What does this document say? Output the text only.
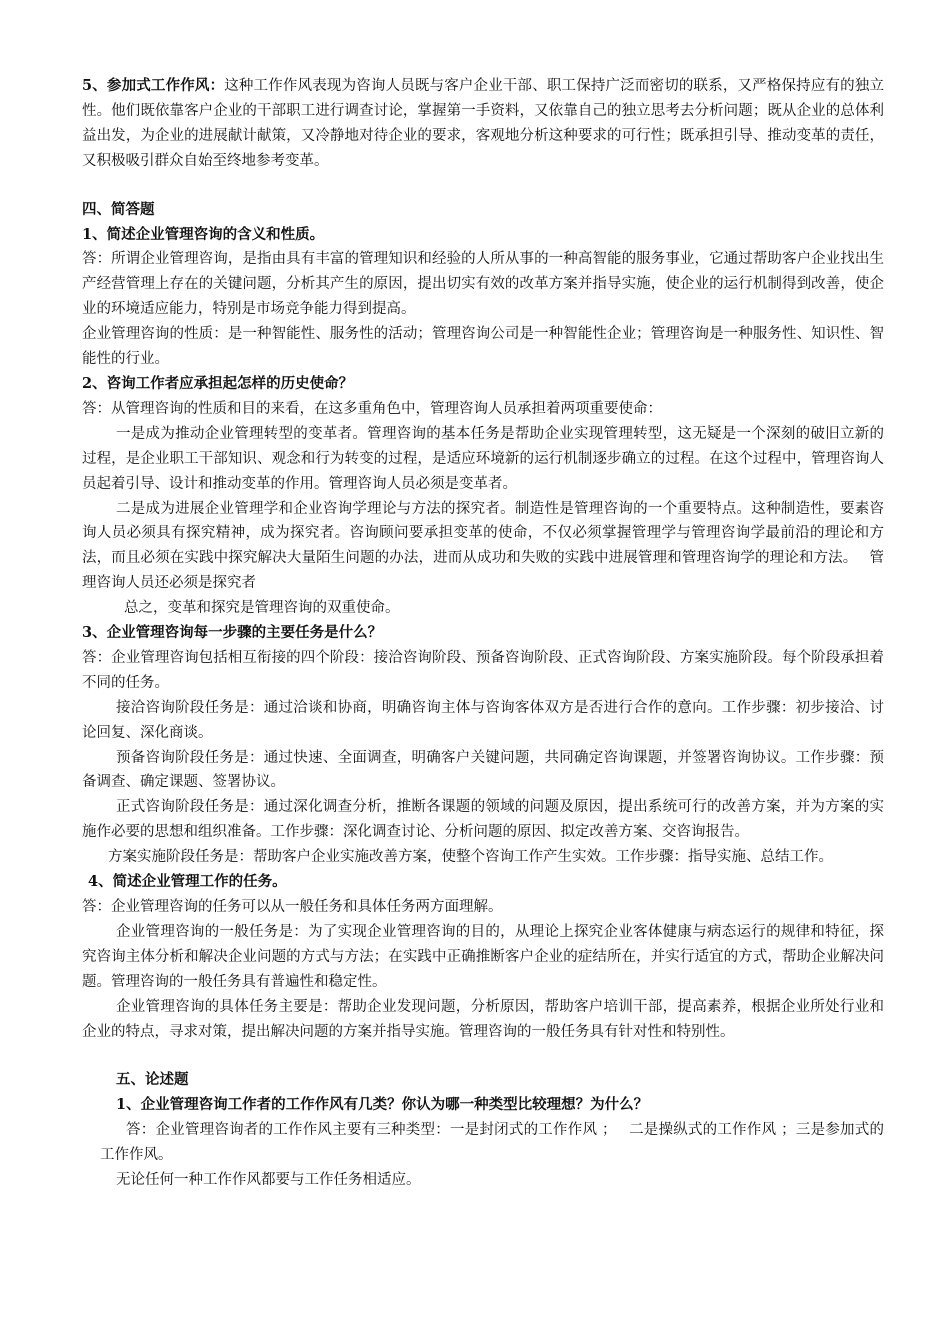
5、参加式工作作风：这种工作作风表现为咨询人员既与客户企业干部、职工保持广泛而密切的联系，又严格保持应有的独立性。他们既依靠客户企业的干部职工进行调查讨论，掌握第一手资料，又依靠自己的独立思考去分析问题；既从企业的总体利益出发，为企业的进展献计献策，又冷静地对待企业的要求，客观地分析这种要求的可行性；既承担引导、推动变革的责任，又积极吸引群众自始至终地参考变革。

四、简答题

1、简述企业管理咨询的含义和性质。

答：所谓企业管理咨询，是指由具有丰富的管理知识和经验的人所从事的一种高智能的服务事业，它通过帮助客户企业找出生产经营管理上存在的关键问题，分析其产生的原因，提出切实有效的改革方案并指导实施，使企业的运行机制得到改善，使企业的环境适应能力，特别是市场竞争能力得到提高。

企业管理咨询的性质：是一种智能性、服务性的活动；管理咨询公司是一种智能性企业；管理咨询是一种服务性、知识性、智能性的行业。

2、咨询工作者应承担起怎样的历史使命？

答：从管理咨询的性质和目的来看，在这多重角色中，管理咨询人员承担着两项重要使命：

一是成为推动企业管理转型的变革者。管理咨询的基本任务是帮助企业实现管理转型，这无疑是一个深刻的破旧立新的过程，是企业职工干部知识、观念和行为转变的过程，是适应环境新的运行机制逐步确立的过程。在这个过程中，管理咨询人员起着引导、设计和推动变革的作用。管理咨询人员必须是变革者。

二是成为进展企业管理学和企业咨询学理论与方法的探究者。制造性是管理咨询的一个重要特点。这种制造性，要素咨询人员必须具有探究精神，成为探究者。咨询顾问要承担变革的使命，不仅必须掌握管理学与管理咨询学最前沿的理论和方法，而且必须在实践中探究解决大量陌生问题的办法，进而从成功和失败的实践中进展管理和管理咨询学的理论和方法。　 管理咨询人员还必须是探究者

总之，变革和探究是管理咨询的双重使命。

3、企业管理咨询每一步骤的主要任务是什么？

答：企业管理咨询包括相互衔接的四个阶段：接洽咨询阶段、预备咨询阶段、正式咨询阶段、方案实施阶段。每个阶段承担着不同的任务。

接洽咨询阶段任务是：通过洽谈和协商，明确咨询主体与咨询客体双方是否进行合作的意向。工作步骤：初步接洽、讨论回复、深化商谈。

预备咨询阶段任务是：通过快速、全面调查，明确客户关键问题，共同确定咨询课题，并签署咨询协议。工作步骤：预备调查、确定课题、签署协议。

正式咨询阶段任务是：通过深化调查分析，推断各课题的领域的问题及原因，提出系统可行的改善方案，并为方案的实施作必要的思想和组织准备。工作步骤：深化调查讨论、分析问题的原因、拟定改善方案、交咨询报告。

方案实施阶段任务是：帮助客户企业实施改善方案，使整个咨询工作产生实效。工作步骤：指导实施、总结工作。

4、简述企业管理工作的任务。

答：企业管理咨询的任务可以从一般任务和具体任务两方面理解。

企业管理咨询的一般任务是：为了实现企业管理咨询的目的，从理论上探究企业客体健康与病态运行的规律和特征，探究咨询主体分析和解决企业问题的方式与方法；在实践中正确推断客户企业的症结所在，并实行适宜的方式，帮助企业解决问题。管理咨询的一般任务具有普遍性和稳定性。

企业管理咨询的具体任务主要是：帮助企业发现问题，分析原因，帮助客户培训干部，提高素养，根据企业所处行业和企业的特点，寻求对策，提出解决问题的方案并指导实施。管理咨询的一般任务具有针对性和特别性。

五、论述题

1、企业管理咨询工作者的工作作风有几类？你认为哪一种类型比较理想？为什么？

答：企业管理咨询者的工作作风主要有三种类型：一是封闭式的工作作风 ；　 二是操纵式的工作作风 ；三是参加式的工作作风。

无论任何一种工作作风都要与工作任务相适应。
